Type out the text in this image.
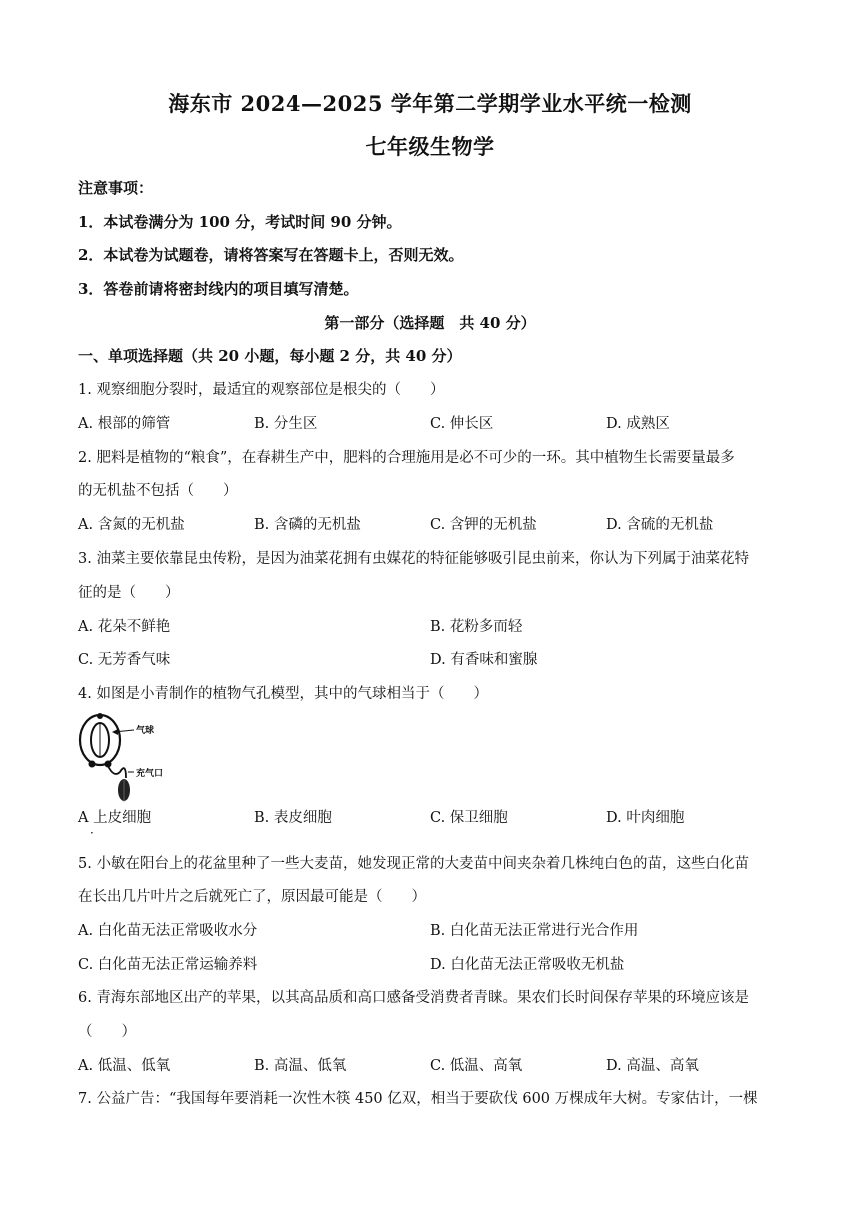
海东市 2024—2025 学年第二学期学业水平统一检测
七年级生物学
注意事项：
1．本试卷满分为 100 分，考试时间 90 分钟。
2．本试卷为试题卷，请将答案写在答题卡上，否则无效。
3．答卷前请将密封线内的项目填写清楚。
第一部分（选择题　共 40 分）
一、单项选择题（共 20 小题，每小题 2 分，共 40 分）
1. 观察细胞分裂时，最适宜的观察部位是根尖的（　　）
A. 根部的筛管	B. 分生区	C. 伸长区	D. 成熟区
2. 肥料是植物的“粮食”，在春耕生产中，肥料的合理施用是必不可少的一环。其中植物生长需要量最多
的无机盐不包括（　　）
A. 含氮的无机盐	B. 含磷的无机盐	C. 含钾的无机盐	D. 含硫的无机盐
3. 油菜主要依靠昆虫传粉，是因为油菜花拥有虫媒花的特征能够吸引昆虫前来，你认为下列属于油菜花特
征的是（　　）
A. 花朵不鲜艳	B. 花粉多而轻
C. 无芳香气味	D. 有香味和蜜腺
4. 如图是小青制作的植物气孔模型，其中的气球相当于（　　）
气球
充气口
A 上皮细胞
·
B. 表皮细胞	C. 保卫细胞	D. 叶肉细胞
5. 小敏在阳台上的花盆里种了一些大麦苗，她发现正常的大麦苗中间夹杂着几株纯白色的苗，这些白化苗
在长出几片叶片之后就死亡了，原因最可能是（　　）
A. 白化苗无法正常吸收水分	B. 白化苗无法正常进行光合作用
C. 白化苗无法正常运输养料	D. 白化苗无法正常吸收无机盐
6. 青海东部地区出产的苹果，以其高品质和高口感备受消费者青睐。果农们长时间保存苹果的环境应该是
（　　）
A. 低温、低氧	B. 高温、低氧	C. 低温、高氧	D. 高温、高氧
7. 公益广告：“我国每年要消耗一次性木筷 450 亿双，相当于要砍伐 600 万棵成年大树。专家估计，一棵
